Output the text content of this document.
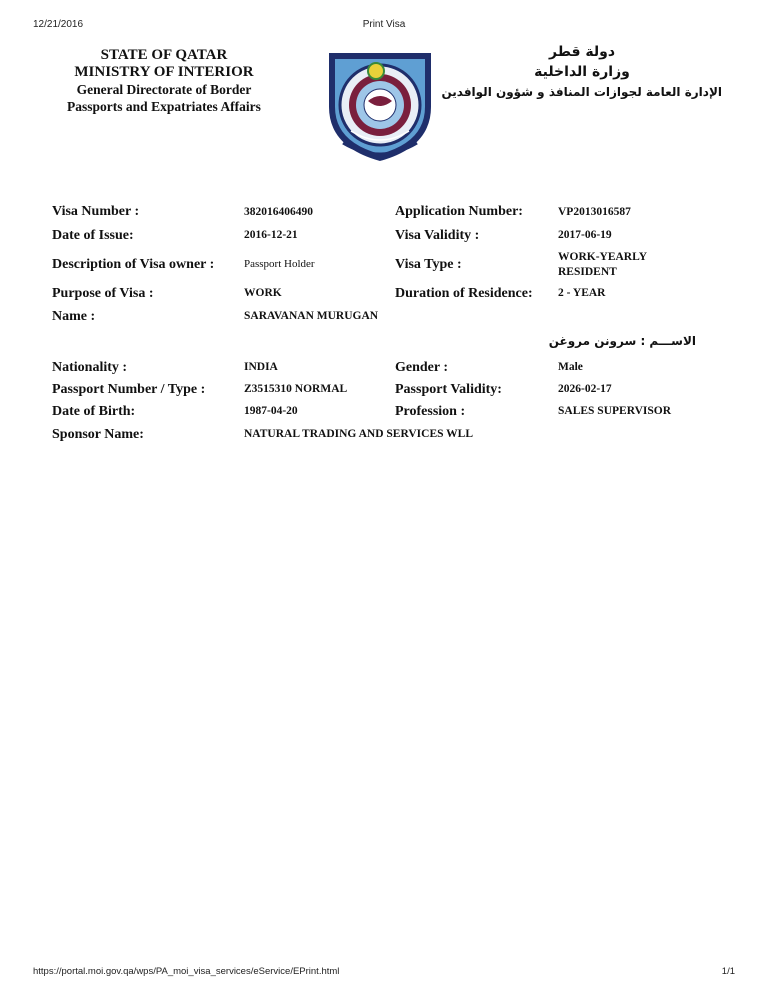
12/21/2016	Print Visa
STATE OF QATAR
MINISTRY OF INTERIOR
General Directorate of Border
Passports and Expatriates Affairs
دولة قطر
وزارة الداخلية
الإدارة العامة لجوازات المنافذ و شؤون الوافدين
Visa Number :	382016406490	Application Number:	VP2013016587
Date of Issue:	2016-12-21	Visa Validity :	2017-06-19
Description of Visa owner :	Passport Holder	Visa Type :	WORK-YEARLY RESIDENT
Purpose of Visa :	WORK	Duration of Residence: 2 - YEAR
Name :	SARAVANAN MURUGAN
الاســـم : سرونن مروغن
Nationality :	INDIA	Gender :	Male
Passport Number / Type :	Z3515310 NORMAL	Passport Validity:	2026-02-17
Date of Birth:	1987-04-20	Profession :	SALES SUPERVISOR
Sponsor Name:	NATURAL TRADING AND SERVICES WLL
https://portal.moi.gov.qa/wps/PA_moi_visa_services/eService/EPrint.html	1/1
